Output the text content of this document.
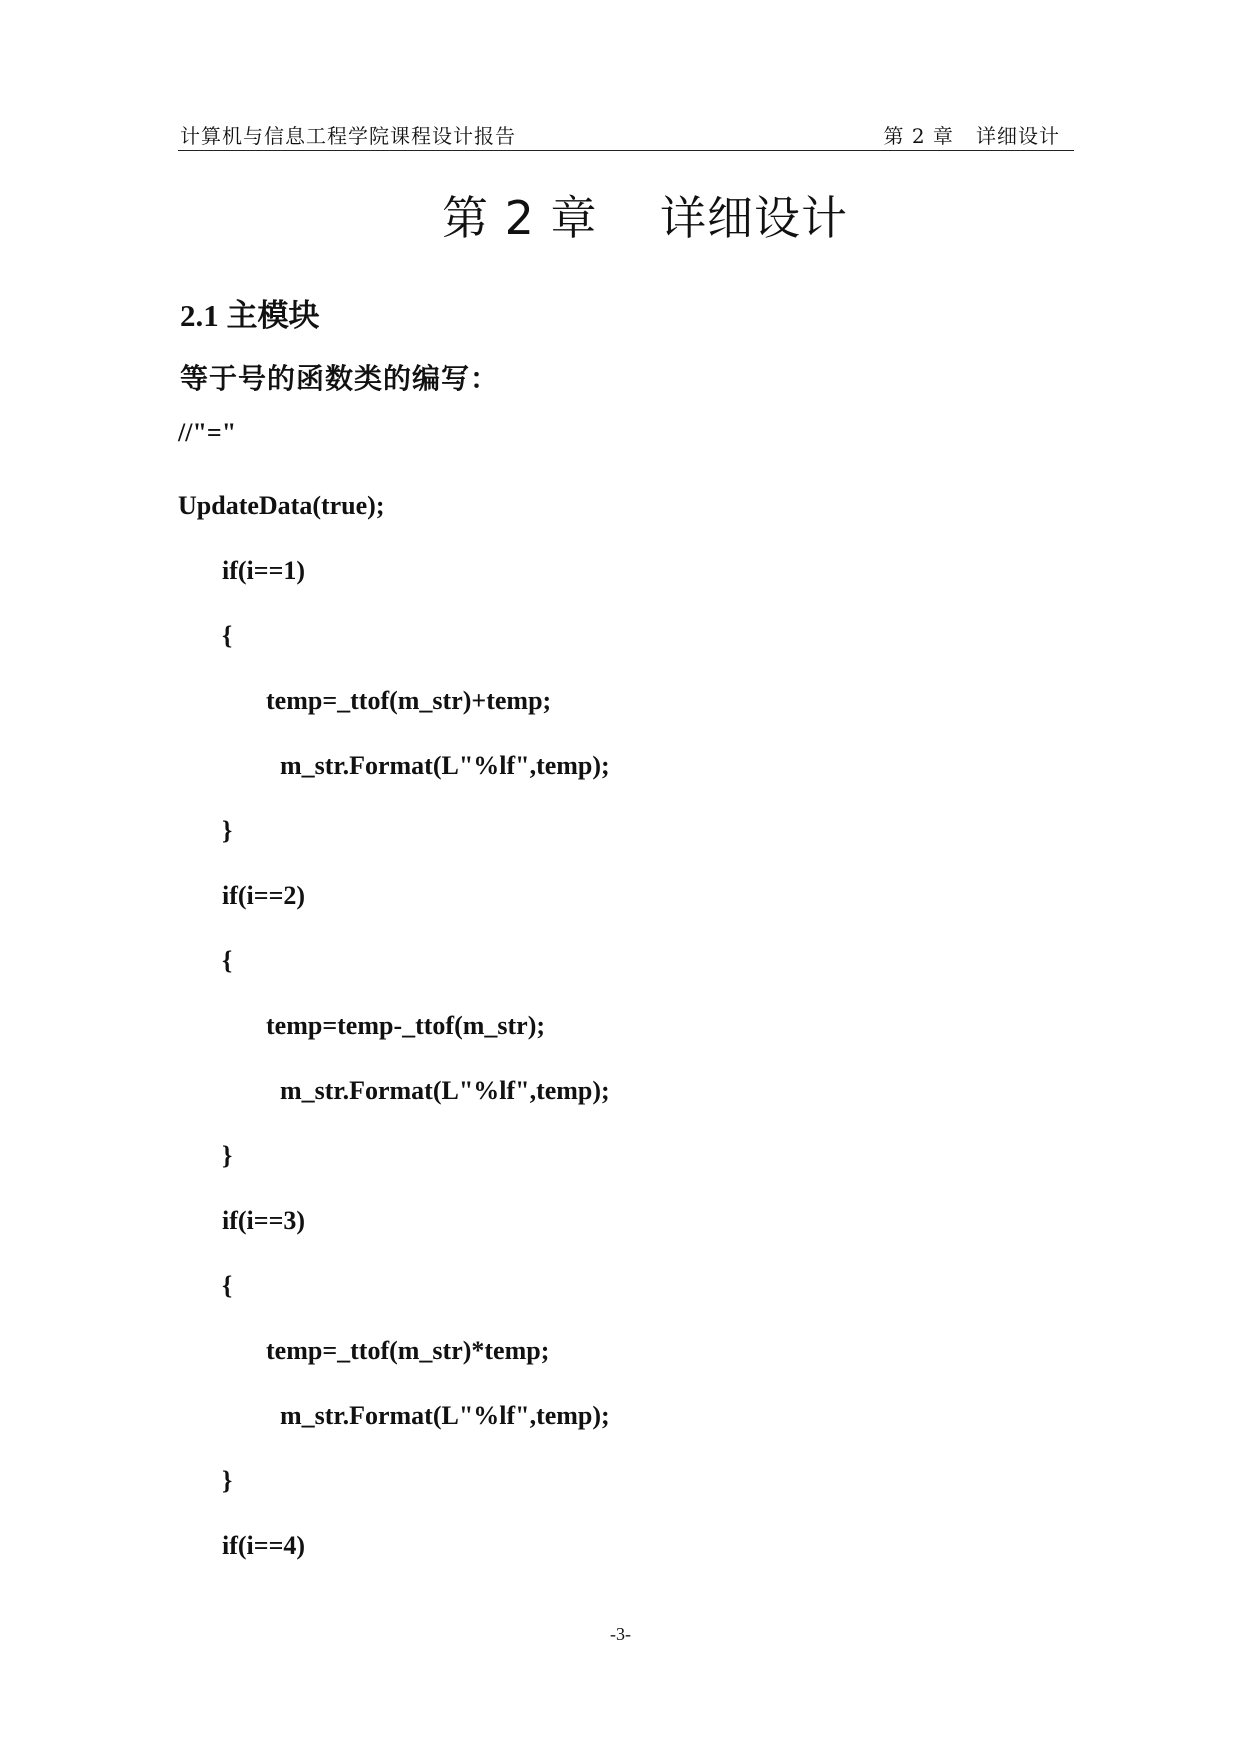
计算机与信息工程学院课程设计报告	第 2 章   详细设计
第 2 章    详细设计
2.1 主模块
等于号的函数类的编写：
//"="
UpdateData(true);
if(i==1)
{
temp=_ttof(m_str)+temp;
m_str.Format(L"%lf",temp);
}
if(i==2)
{
temp=temp-_ttof(m_str);
m_str.Format(L"%lf",temp);
}
if(i==3)
{
temp=_ttof(m_str)*temp;
m_str.Format(L"%lf",temp);
}
if(i==4)
-3-
